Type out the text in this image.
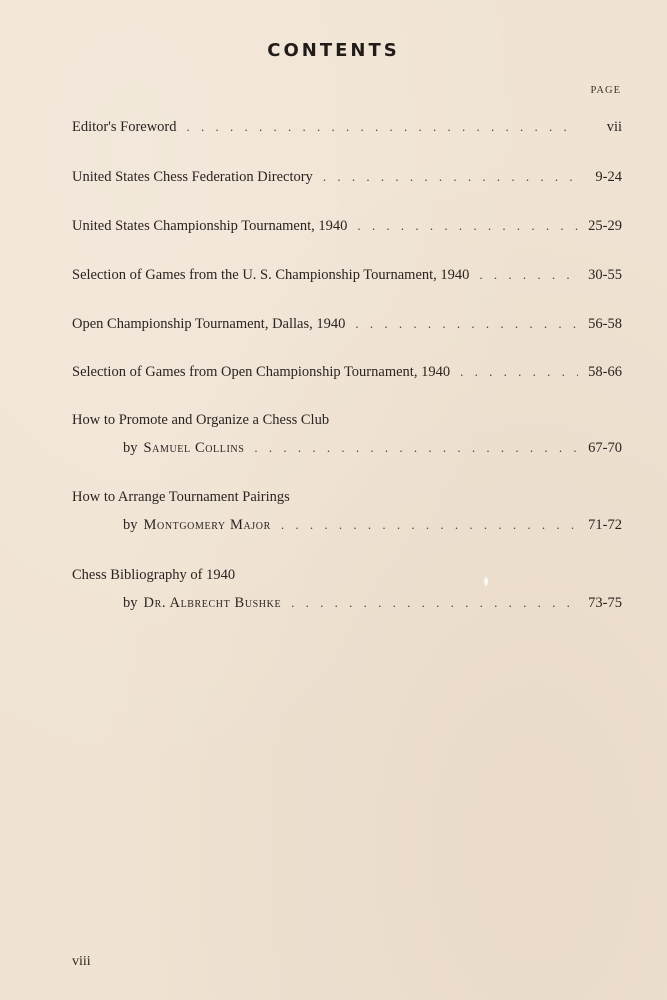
CONTENTS
PAGE
Editor's Foreword . . .	vii
United States Chess Federation Directory . . .	9-24
United States Championship Tournament, 1940 . . .	25-29
Selection of Games from the U. S. Championship Tournament, 1940 . . .	30-55
Open Championship Tournament, Dallas, 1940 . . .	56-58
Selection of Games from Open Championship Tournament, 1940 . . .	58-66
How to Promote and Organize a Chess Club
by Samuel Collins . . .	67-70
How to Arrange Tournament Pairings
by Montgomery Major . . .	71-72
Chess Bibliography of 1940
by Dr. Albrecht Bushke . . .	73-75
viii
